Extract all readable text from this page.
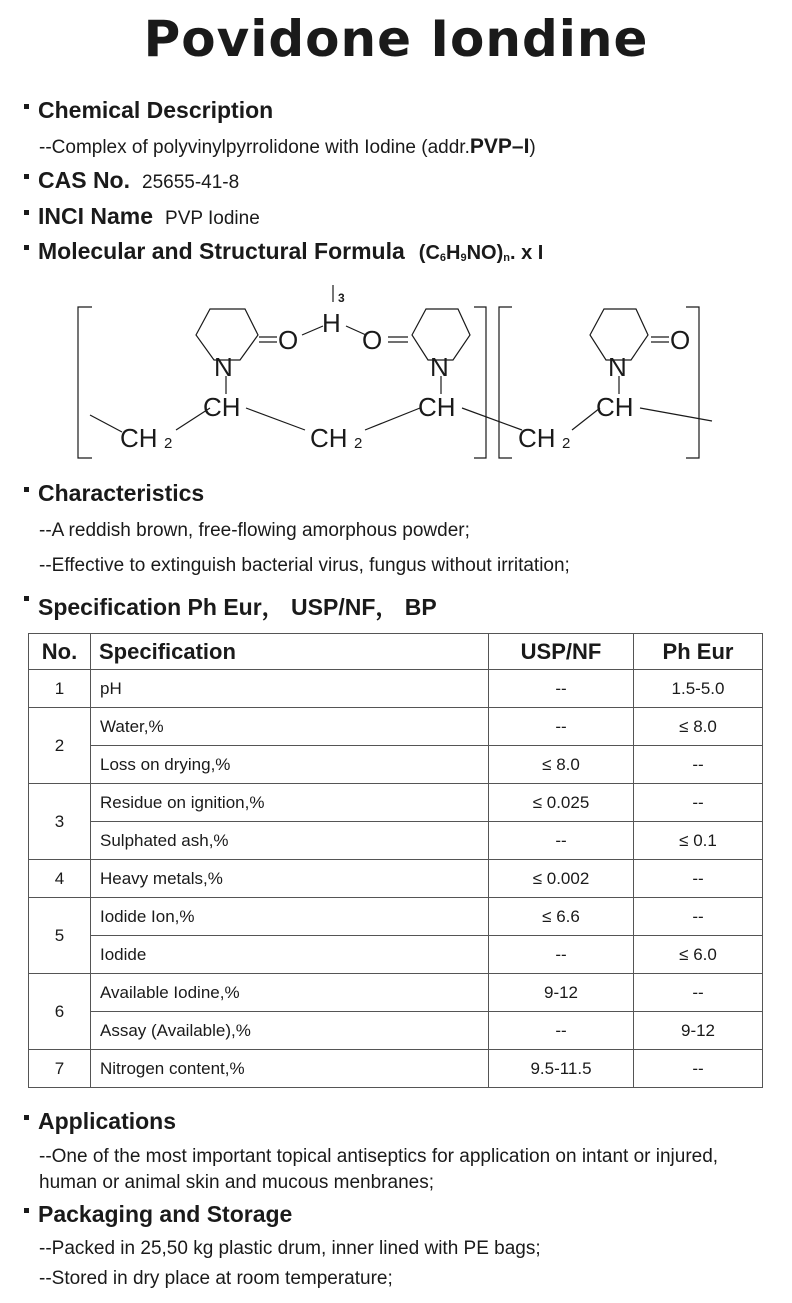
Povidone Iondine
Chemical Description
--Complex of polyvinylpyrrolidone with Iodine (addr.PVP–I)
CAS No. 25655-41-8
INCI Name PVP Iodine
Molecular and Structural Formula $(C_6H_9NO)_n$. x I
3
H
O O	O
N	N	N
CH	CH	CH
CH	CH	CH
2	2	2
Characteristics
--A reddish brown, free-flowing amorphous powder;
--Effective to extinguish bacterial virus, fungus without irritation;
Specification Ph Eur， USP/NF， BP
No.	Specification	USP/NF	Ph Eur
1	pH	--	1.5-5.0
2	Water,%	--	≤ 8.0
	Loss on drying,%	≤ 8.0	--
3	Residue on ignition,%	≤ 0.025	--
	Sulphated ash,%	--	≤ 0.1
4	Heavy metals,%	≤ 0.002	--
5	Iodide Ion,%	≤ 6.6	--
	Iodide	--	≤ 6.0
6	Available Iodine,%	9-12	--
	Assay (Available),%	--	9-12
7	Nitrogen content,%	9.5-11.5	--
Applications
--One of the most important topical antiseptics for application on intant or injured,
human or animal skin and mucous menbranes;
Packaging and Storage
--Packed in 25,50 kg plastic drum, inner lined with PE bags;
--Stored in dry place at room temperature;
